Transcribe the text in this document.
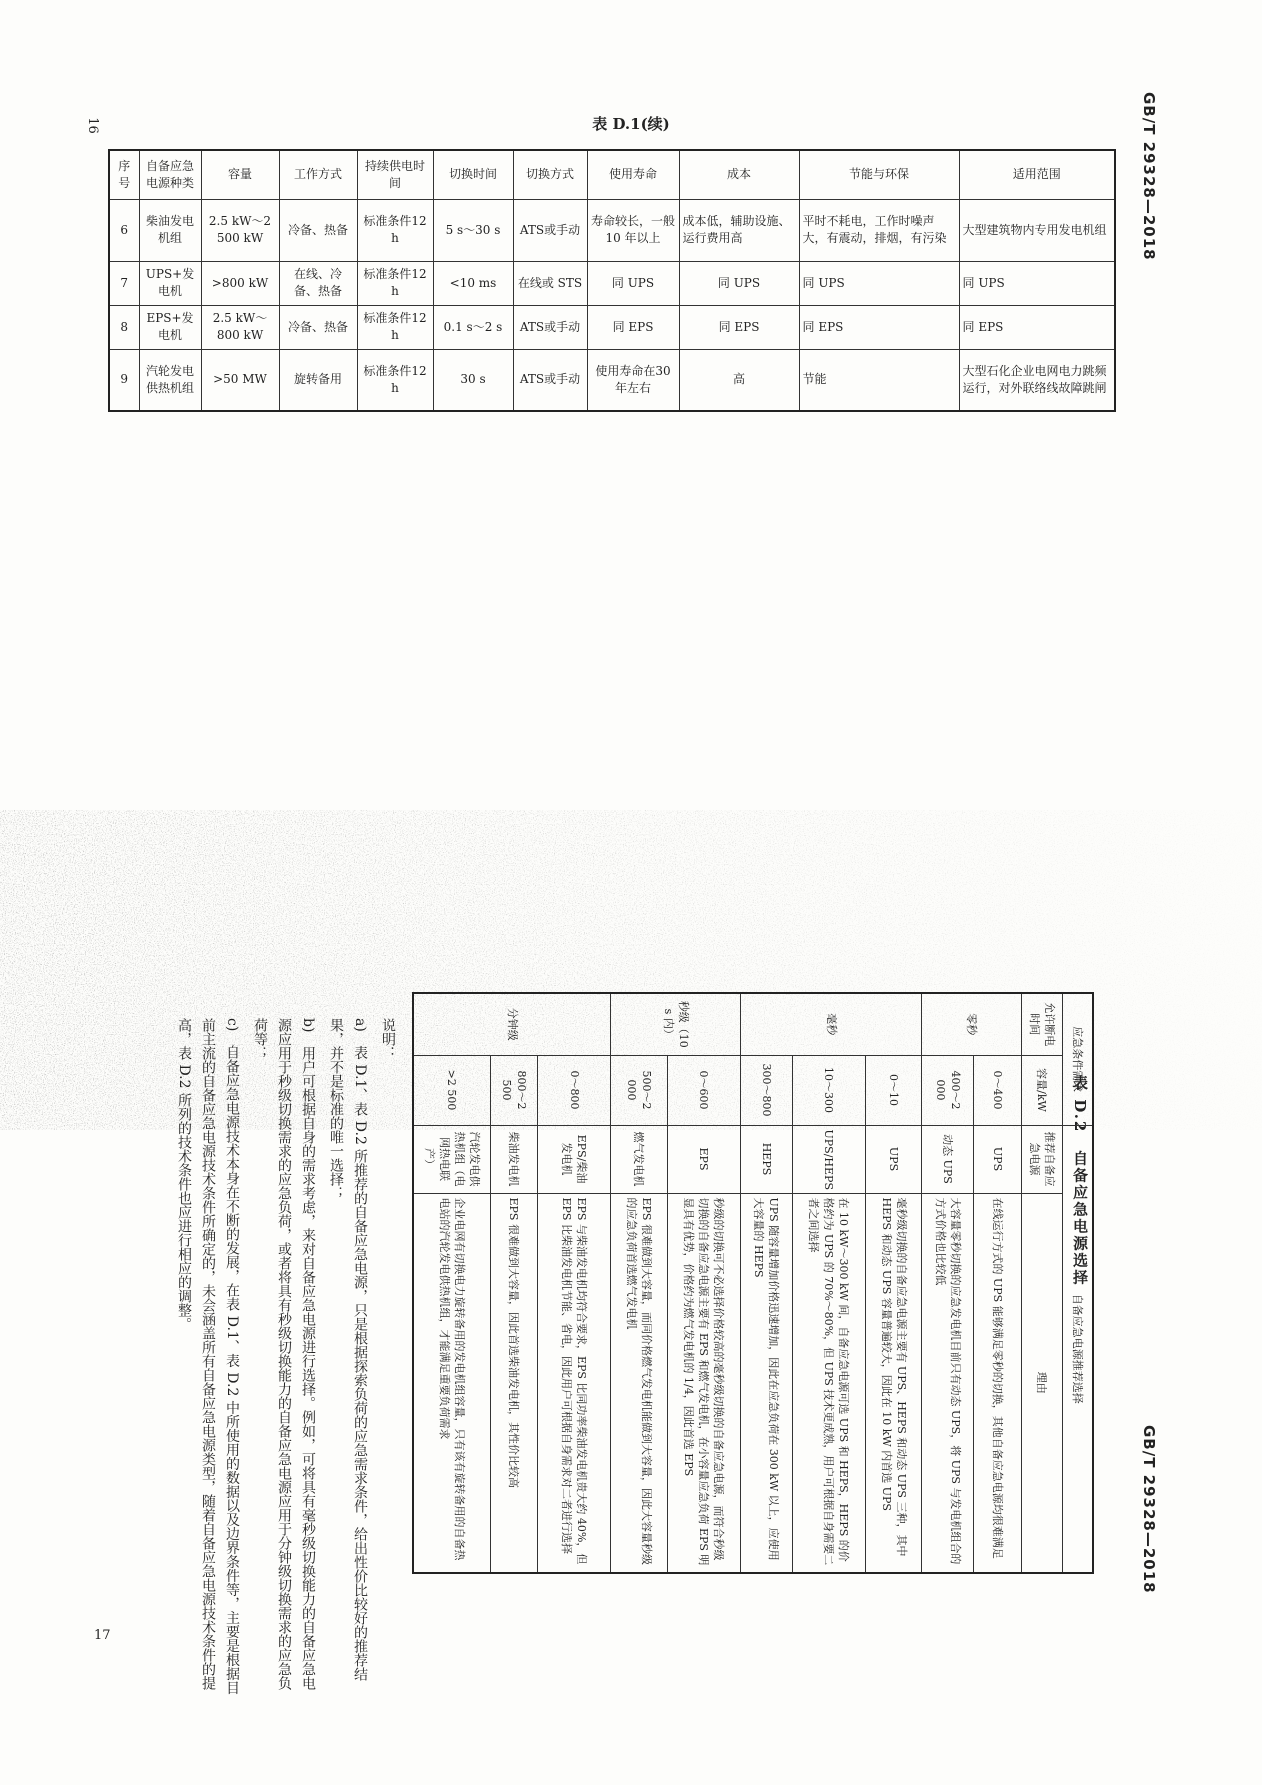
GB/T 29328—2018
16	表 D.1(续)
序号	自备应急电源种类	容量	工作方式	持续供电时间	切换时间	切换方式	使用寿命	成本	节能与环保	适用范围
6	柴油发电机组	2.5 kW～2 500 kW	冷备、热备	标准条件12 h	5 s～30 s	ATS或手动	寿命较长，一般 10 年以上	成本低，辅助设施、运行费用高	平时不耗电，工作时噪声大，有震动，排烟，有污染	大型建筑物内专用发电机组
7	UPS+发电机	>800 kW	在线、冷备、热备	标准条件12 h	<10 ms	在线或 STS	同 UPS	同 UPS	同 UPS	同 UPS
8	EPS+发电机	2.5 kW～800 kW	冷备、热备	标准条件12 h	0.1 s～2 s	ATS或手动	同 EPS	同 EPS	同 EPS	同 EPS
9	汽轮发电供热机组	>50 MW	旋转备用	标准条件12 h	30 s	ATS或手动	使用寿命在30年左右	高	节能	大型石化企业电网电力跳频运行，对外联络线故障跳闸
GB/T 29328—2018
17
表 D.2　自备应急电源选择
应急条件需求		自备应急电源推荐选择	
允许断电时间	容量/kW	推荐自备应急电源	理由
零秒	0～400	UPS	在线运行方式的 UPS 能够满足零秒的切换，其他自备应急电源均很难满足
	400～2 000	动态 UPS	大容量零秒切换的应急发电机目前只有动态 UPS，将 UPS 与发电机组合的方式价格也比较低
毫秒	0～10	UPS	毫秒级切换的自备应急电源主要有 UPS、HEPS 和动态 UPS 三种，其中 HEPS 和动态 UPS 容量普遍较大，因此在 10 kW 内首选 UPS
	10～300	UPS/HEPS	在 10 kW～300 kW 间，自备应急电源可选 UPS 和 HEPS，HEPS 的价格约为 UPS 的 70%～80%，但 UPS 技术更成熟，用户可根据自身需要二者之间选择
	300～800	HEPS	UPS 随容量增加价格迅速增加，因此在应急负荷在 300 kW 以上，应使用大容量的 HEPS
秒级（10 s 内）	0～600	EPS	秒级的切换可不必选择价格较高的毫秒级切换的自备应急电源，而符合秒级切换的自备应急电源主要有 EPS 和燃气发电机，在小容量应急负荷 EPS 明显具有优势，价格约为燃气发电机的 1/4，因此首选 EPS
	500～2 000	燃气发电机	EPS 很难做到大容量，而同价格燃气发电机能做到大容量，因此大容量秒级的应急负荷首选燃气发电机
分钟级	0～800	EPS/柴油发电机	EPS 与柴油发电机均符合要求，EPS 比同功率柴油发电机贵大约 40%，但 EPS 比柴油发电机节能、省电，因此用户可根据自身需求对二者进行选择
	800～2 500	柴油发电机	EPS 很难做到大容量，因此首选柴油发电机，其性价比较高
	>2 500	汽轮发电供热机组（电网热电联产）	企业电网有切换电力旋转备用的发电机组容量，只有该有旋转备用的自备热电站的汽轮发电供热机组，才能满足重要负荷需求

说明：

a)　表 D.1、表 D.2 所推荐的自备应急电源，只是根据探索负荷的应急需求条件，给出性价比较好的推荐结果，并不是标准的唯一选择；

b)　用户可根据自身的需求考虑，来对自备应急电源进行选择。例如，可将具有毫秒级切换能力的自备应急电源应用于秒级切换需求的应急负荷，或者将具有秒级切换能力的自备应急电源应用于分钟级切换需求的应急负荷等；

c)　自备应急电源技术本身在不断的发展，在表 D.1、表 D.2 中所使用的数据以及边界条件等，主要是根据目前主流的自备应急电源技术条件所确定的，未会涵盖所有自备应急电源类型，随着自备应急电源技术条件的提高，表 D.2 所列的技术条件也应进行相应的调整。
